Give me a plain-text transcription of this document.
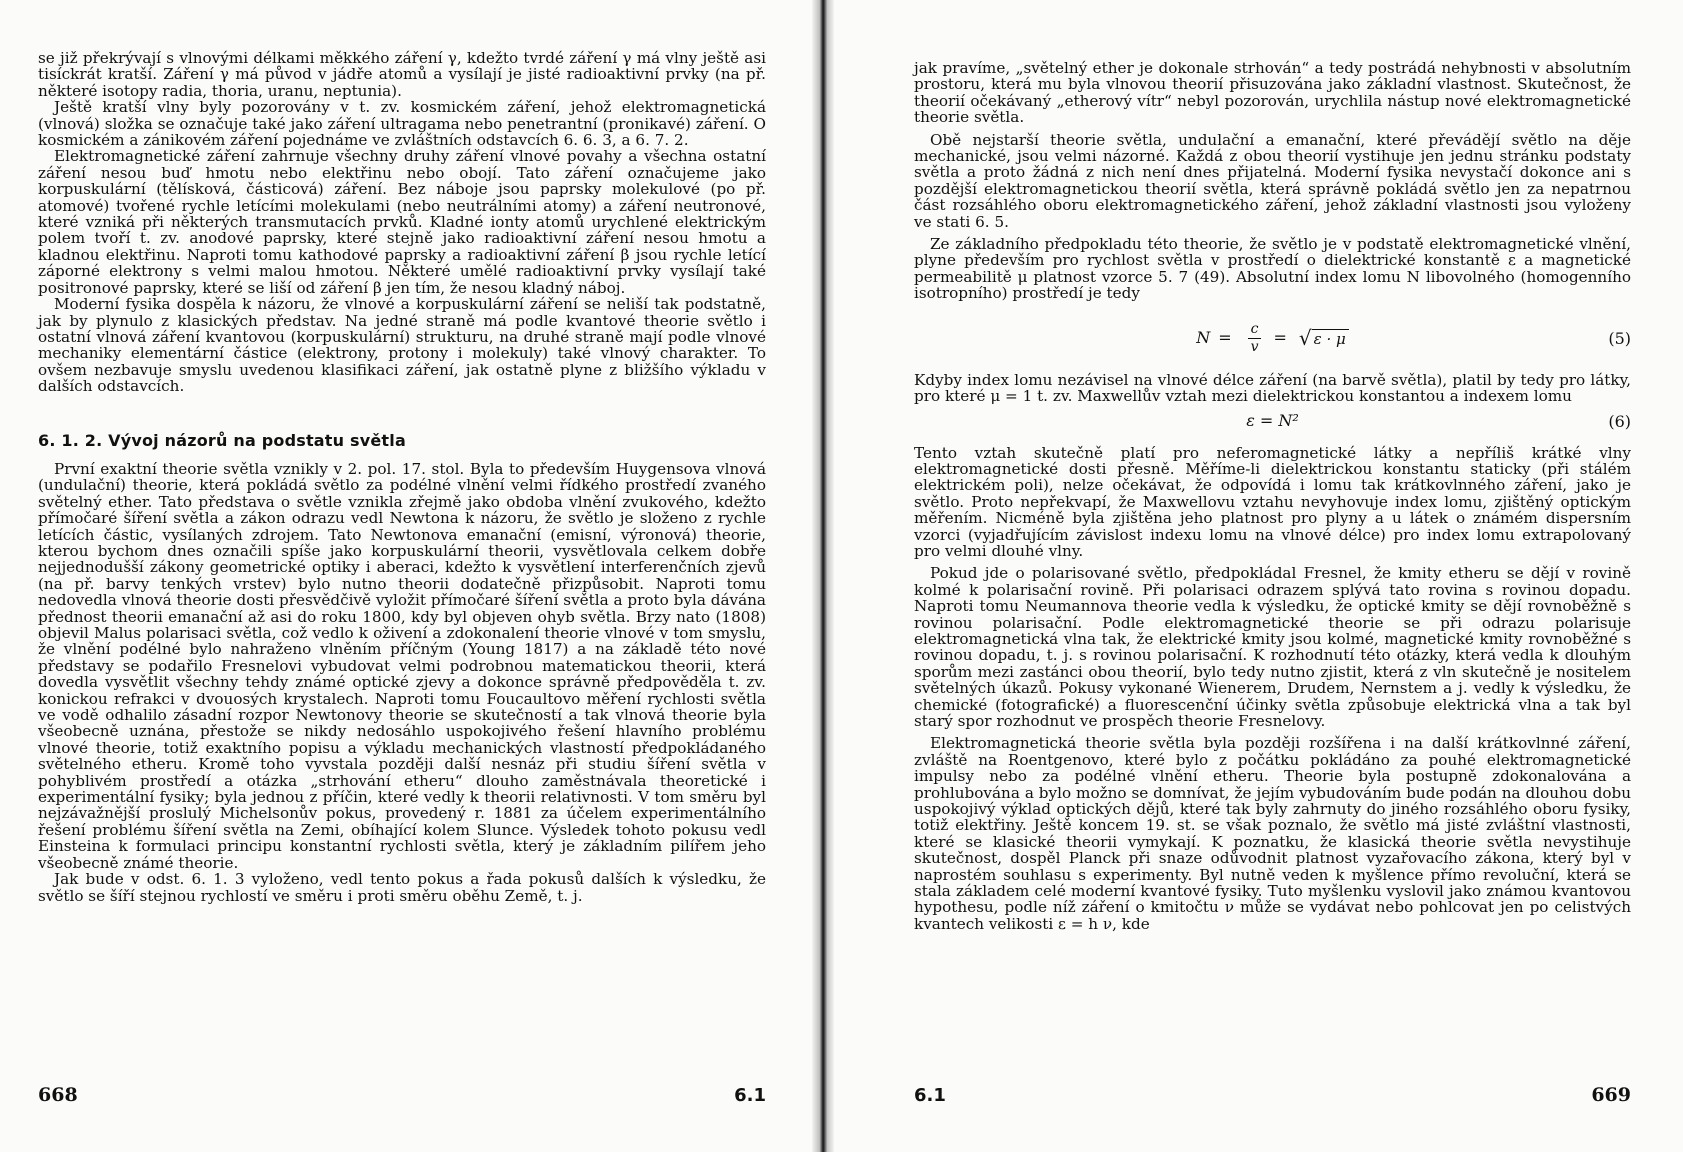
se již překrývají s vlnovými délkami měkkého záření γ, kdežto tvrdé záření γ má vlny ještě asi tisíckrát kratší. Záření γ má původ v jádře atomů a vysílají je jisté radioaktivní prvky (na př. některé isotopy radia, thoria, uranu, neptunia).

Ještě kratší vlny byly pozorovány v t. zv. kosmickém záření, jehož elektromagnetická (vlnová) složka se označuje také jako záření ultragama nebo penetrantní (pronikavé) záření. O kosmickém a zánikovém záření pojednáme ve zvláštních odstavcích 6. 6. 3, a 6. 7. 2.

Elektromagnetické záření zahrnuje všechny druhy záření vlnové povahy a všechna ostatní záření nesou buď hmotu nebo elektřinu nebo obojí. Tato záření označujeme jako korpuskulární (tělísková, částicová) záření. Bez náboje jsou paprsky molekulové (po př. atomové) tvořené rychle letícími molekulami (nebo neutrálními atomy) a záření neutronové, které vzniká při některých transmutacích prvků. Kladné ionty atomů urychlené elektrickým polem tvoří t. zv. anodové paprsky, které stejně jako radioaktivní záření nesou hmotu a kladnou elektřinu. Naproti tomu kathodové paprsky a radioaktivní záření β jsou rychle letící záporné elektrony s velmi malou hmotou. Některé umělé radioaktivní prvky vysílají také positronové paprsky, které se liší od záření β jen tím, že nesou kladný náboj.

Moderní fysika dospěla k názoru, že vlnové a korpuskulární záření se neliší tak podstatně, jak by plynulo z klasických představ. Na jedné straně má podle kvantové theorie světlo i ostatní vlnová záření kvantovou (korpuskulární) strukturu, na druhé straně mají podle vlnové mechaniky elementární částice (elektrony, protony i molekuly) také vlnový charakter. To ovšem nezbavuje smyslu uvedenou klasifikaci záření, jak ostatně plyne z bližšího výkladu v dalších odstavcích.

6. 1. 2. Vývoj názorů na podstatu světla

První exaktní theorie světla vznikly v 2. pol. 17. stol. Byla to především Huygensova vlnová (undulační) theorie, která pokládá světlo za podélné vlnění velmi řídkého prostředí zvaného světelný ether. Tato představa o světle vznikla zřejmě jako obdoba vlnění zvukového, kdežto přímočaré šíření světla a zákon odrazu vedl Newtona k názoru, že světlo je složeno z rychle letících částic, vysílaných zdrojem. Tato Newtonova emanační (emisní, výronová) theorie, kterou bychom dnes označili spíše jako korpuskulární theorii, vysvětlovala celkem dobře nejjednodušší zákony geometrické optiky i aberaci, kdežto k vysvětlení interferenčních zjevů (na př. barvy tenkých vrstev) bylo nutno theorii dodatečně přizpůsobit. Naproti tomu nedovedla vlnová theorie dosti přesvědčivě vyložit přímočaré šíření světla a proto byla dávána přednost theorii emanační až asi do roku 1800, kdy byl objeven ohyb světla. Brzy nato (1808) objevil Malus polarisaci světla, což vedlo k oživení a zdokonalení theorie vlnové v tom smyslu, že vlnění podélné bylo nahraženo vlněním příčným (Young 1817) a na základě této nové představy se podařilo Fresnelovi vybudovat velmi podrobnou matematickou theorii, která dovedla vysvětlit všechny tehdy známé optické zjevy a dokonce správně předpověděla t. zv. konickou refrakci v dvouosých krystalech. Naproti tomu Foucaultovo měření rychlosti světla ve vodě odhalilo zásadní rozpor Newtonovy theorie se skutečností a tak vlnová theorie byla všeobecně uznána, přestože se nikdy nedosáhlo uspokojivého řešení hlavního problému vlnové theorie, totiž exaktního popisu a výkladu mechanických vlastností předpokládaného světelného etheru. Kromě toho vyvstala později další nesnáz při studiu šíření světla v pohyblivém prostředí a otázka „strhování etheru“ dlouho zaměstnávala theoretické i experimentální fysiky; byla jednou z příčin, které vedly k theorii relativnosti. V tom směru byl nejzávažnější proslulý Michelsonův pokus, provedený r. 1881 za účelem experimentálního řešení problému šíření světla na Zemi, obíhající kolem Slunce. Výsledek tohoto pokusu vedl Einsteina k formulaci principu konstantní rychlosti světla, který je základním pilířem jeho všeobecně známé theorie.

Jak bude v odst. 6. 1. 3 vyloženo, vedl tento pokus a řada pokusů dalších k výsledku, že světlo se šíří stejnou rychlostí ve směru i proti směru oběhu Země, t. j.

668	6.1

jak pravíme, „světelný ether je dokonale strhován“ a tedy postrádá nehybnosti v absolutním prostoru, která mu byla vlnovou theorií přisuzována jako základní vlastnost. Skutečnost, že theorií očekávaný „etherový vítr“ nebyl pozorován, urychlila nástup nové elektromagnetické theorie světla.

Obě nejstarší theorie světla, undulační a emanační, které převádějí světlo na děje mechanické, jsou velmi názorné. Každá z obou theorií vystihuje jen jednu stránku podstaty světla a proto žádná z nich není dnes přijatelná. Moderní fysika nevystačí dokonce ani s pozdější elektromagnetickou theorií světla, která správně pokládá světlo jen za nepatrnou část rozsáhlého oboru elektromagnetického záření, jehož základní vlastnosti jsou vyloženy ve stati 6. 5.

Ze základního předpokladu této theorie, že světlo je v podstatě elektromagnetické vlnění, plyne především pro rychlost světla v prostředí o dielektrické konstantě ε a magnetické permeabilitě μ platnost vzorce 5. 7 (49). Absolutní index lomu N libovolného (homogenního isotropního) prostředí je tedy

$N = \frac{c}{v}$ = √ ε · μ	(5)

Kdyby index lomu nezávisel na vlnové délce záření (na barvě světla), platil by tedy pro látky, pro které μ = 1 t. zv. Maxwellův vztah mezi dielektrickou konstantou a indexem lomu

ε = N²	(6)

Tento vztah skutečně platí pro neferomagnetické látky a nepříliš krátké vlny elektromagnetické dosti přesně. Měříme-li dielektrickou konstantu staticky (při stálém elektrickém poli), nelze očekávat, že odpovídá i lomu tak krátkovlnného záření, jako je světlo. Proto nepřekvapí, že Maxwellovu vztahu nevyhovuje index lomu, zjištěný optickým měřením. Nicméně byla zjištěna jeho platnost pro plyny a u látek o známém dispersním vzorci (vyjadřujícím závislost indexu lomu na vlnové délce) pro index lomu extrapolovaný pro velmi dlouhé vlny.

Pokud jde o polarisované světlo, předpokládal Fresnel, že kmity etheru se dějí v rovině kolmé k polarisační rovině. Při polarisaci odrazem splývá tato rovina s rovinou dopadu. Naproti tomu Neumannova theorie vedla k výsledku, že optické kmity se dějí rovnoběžně s rovinou polarisační. Podle elektromagnetické theorie se při odrazu polarisuje elektromagnetická vlna tak, že elektrické kmity jsou kolmé, magnetické kmity rovnoběžné s rovinou dopadu, t. j. s rovinou polarisační. K rozhodnutí této otázky, která vedla k dlouhým sporům mezi zastánci obou theorií, bylo tedy nutno zjistit, která z vln skutečně je nositelem světelných úkazů. Pokusy vykonané Wienerem, Drudem, Nernstem a j. vedly k výsledku, že chemické (fotografické) a fluorescenční účinky světla způsobuje elektrická vlna a tak byl starý spor rozhodnut ve prospěch theorie Fresnelovy.

Elektromagnetická theorie světla byla později rozšířena i na další krátkovlnné záření, zvláště na Roentgenovo, které bylo z počátku pokládáno za pouhé elektromagnetické impulsy nebo za podélné vlnění etheru. Theorie byla postupně zdokonalována a prohlubována a bylo možno se domnívat, že jejím vybudováním bude podán na dlouhou dobu uspokojivý výklad optických dějů, které tak byly zahrnuty do jiného rozsáhlého oboru fysiky, totiž elektřiny. Ještě koncem 19. st. se však poznalo, že světlo má jisté zvláštní vlastnosti, které se klasické theorii vymykají. K poznatku, že klasická theorie světla nevystihuje skutečnost, dospěl Planck při snaze odůvodnit platnost vyzařovacího zákona, který byl v naprostém souhlasu s experimenty. Byl nutně veden k myšlence přímo revoluční, která se stala základem celé moderní kvantové fysiky. Tuto myšlenku vyslovil jako známou kvantovou hypothesu, podle níž záření o kmitočtu ν může se vydávat nebo pohlcovat jen po celistvých kvantech velikosti ε = h ν, kde

6.1	669
